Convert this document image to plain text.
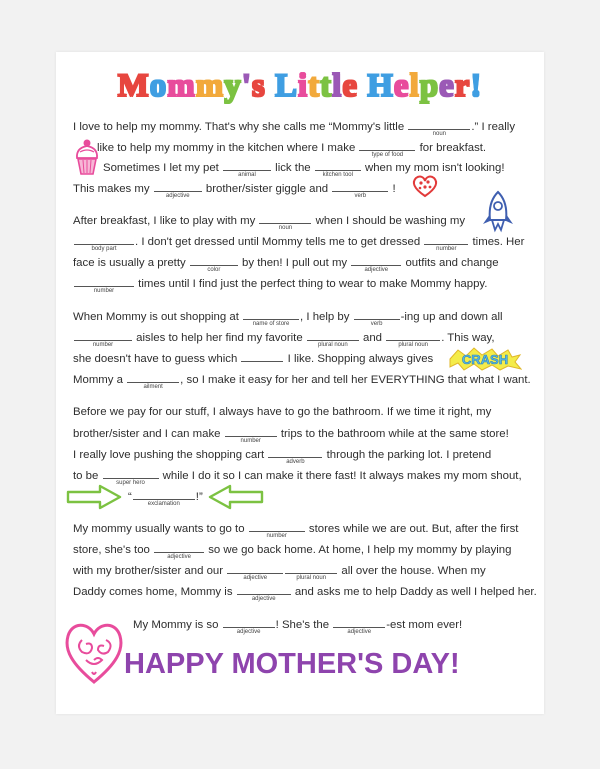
Mommy's Little Helper!
I love to help my mommy. That's why she calls me “Mommy's little
noun
.” I really
like to help my mommy in the kitchen where I make
type of food
for breakfast.
Sometimes I let my pet
animal
lick the
kitchen tool
when my mom isn't looking!
This makes my
adjective
brother/sister giggle and
verb
!
After breakfast, I like to play with my
noun
when I should be washing my
body part
. I don't get dressed until Mommy tells me to get dressed
number
times. Her
face is usually a pretty
color
by then! I pull out my
adjective
outfits and change
number
times until I find just the perfect thing to wear to make Mommy happy.
When Mommy is out shopping at
name of store
, I help by
verb
-ing up and down all
number
aisles to help her find my favorite
plural noun
and
plural noun
. This way,
she doesn't have to guess which	I like. Shopping always gives
Mommy a
ailment
, so I make it easy for her and tell her EVERYTHING that what I want.
Before we pay for our stuff, I always have to go the bathroom. If we time it right, my
brother/sister and I can make
number
trips to the bathroom while at the same store!
I really love pushing the shopping cart
adverb
through the parking lot. I pretend
to be
super hero
while I do it so I can make it there fast! It always makes my mom shout,
“
exclamation
!”
My mommy usually wants to go to
number
stores while we are out. But, after the first
store, she's too
adjective
so we go back home. At home, I help my mommy by playing
with my brother/sister and our
adjective	plural noun
all over the house. When my
Daddy comes home, Mommy is
adjective
and asks me to help Daddy as well I helped her.
My Mommy is so
adjective
! She's the
adjective
-est mom ever!
HAPPY MOTHER'S DAY!
CRASH
